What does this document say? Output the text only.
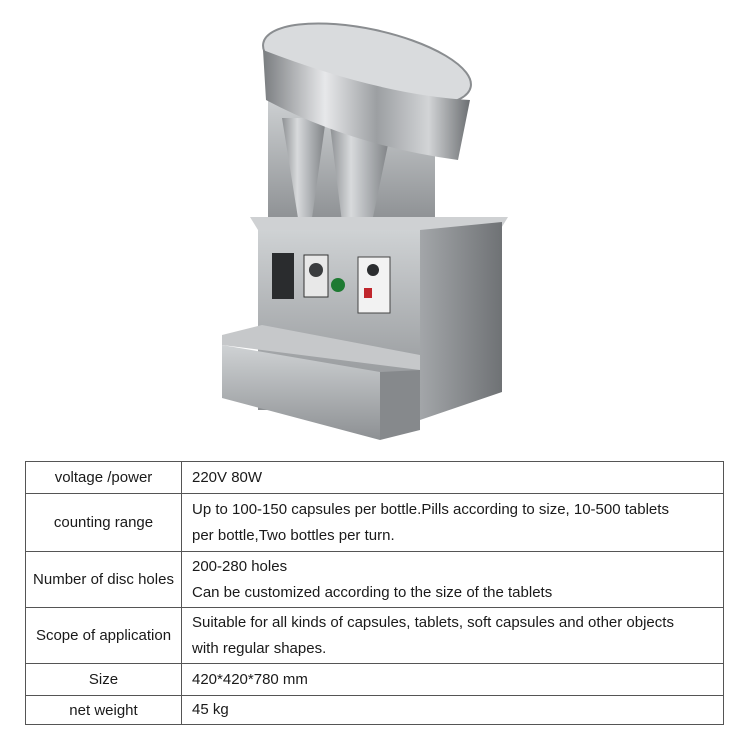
voltage /power	220V 80W

counting range	Up to 100-150 capsules per bottle.Pills according to size, 10-500 tablets
per bottle,Two bottles per turn.

Number of disc holes	200-280 holes
Can be customized according to the size of the tablets

Scope of application	Suitable for all kinds of capsules, tablets, soft capsules and other objects
with regular shapes.

Size	420*420*780 mm

net weight	45 kg
